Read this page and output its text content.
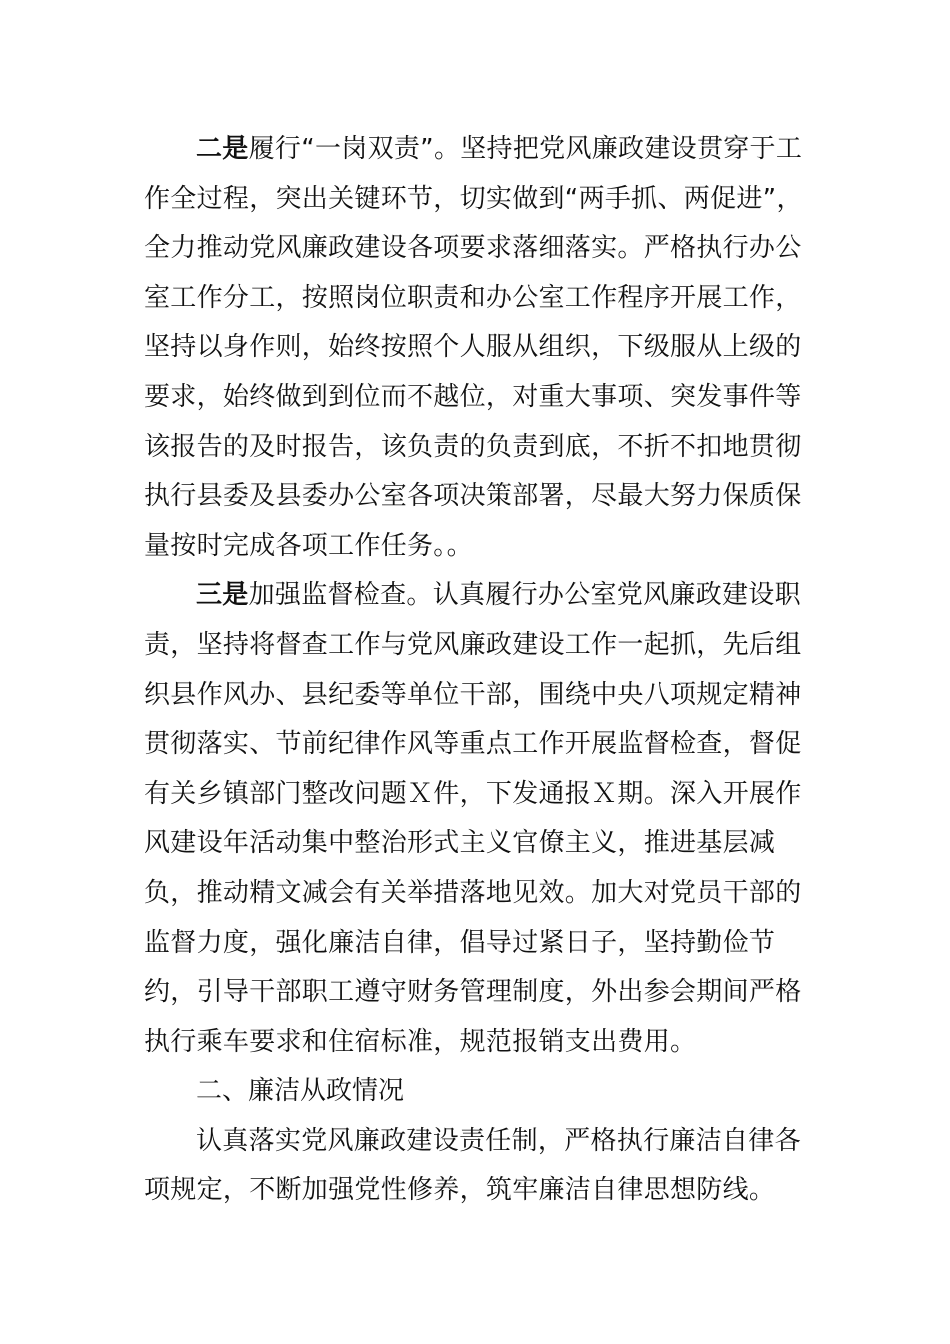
二是履行“一岗双责”。坚持把党风廉政建设贯穿于工作全过程，突出关键环节，切实做到“两手抓、两促进”，全力推动党风廉政建设各项要求落细落实。严格执行办公室工作分工，按照岗位职责和办公室工作程序开展工作，坚持以身作则，始终按照个人服从组织，下级服从上级的要求，始终做到到位而不越位，对重大事项、突发事件等该报告的及时报告，该负责的负责到底，不折不扣地贯彻执行县委及县委办公室各项决策部署，尽最大努力保质保量按时完成各项工作任务。。

三是加强监督检查。认真履行办公室党风廉政建设职责，坚持将督查工作与党风廉政建设工作一起抓，先后组织县作风办、县纪委等单位干部，围绕中央八项规定精神贯彻落实、节前纪律作风等重点工作开展监督检查，督促有关乡镇部门整改问题Ｘ件，下发通报Ｘ期。深入开展作风建设年活动集中整治形式主义官僚主义，推进基层减负，推动精文减会有关举措落地见效。加大对党员干部的监督力度，强化廉洁自律，倡导过紧日子，坚持勤俭节约，引导干部职工遵守财务管理制度，外出参会期间严格执行乘车要求和住宿标准，规范报销支出费用。

二、廉洁从政情况

认真落实党风廉政建设责任制，严格执行廉洁自律各项规定，不断加强党性修养，筑牢廉洁自律思想防线。
